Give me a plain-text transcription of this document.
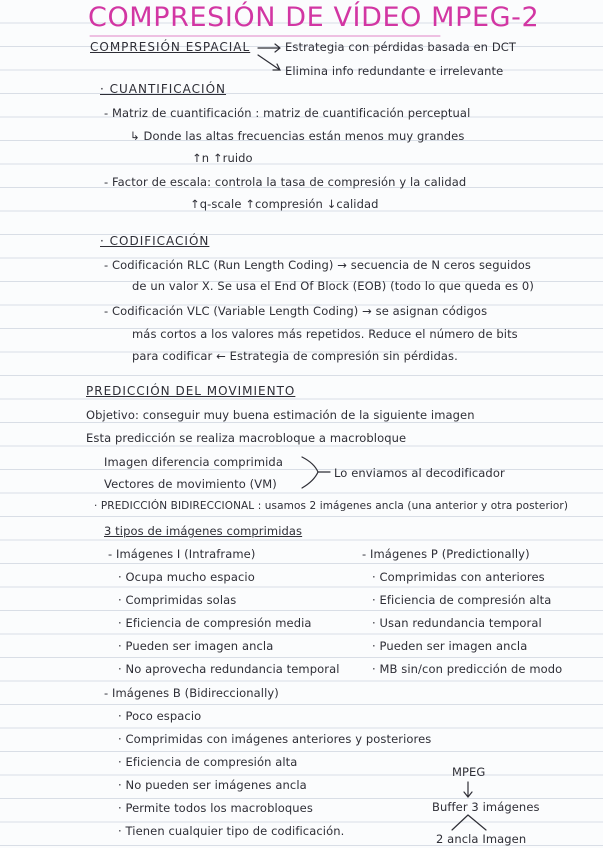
COMPRESIÓN DE VÍDEO MPEG-2
COMPRESIÓN ESPACIAL	Estrategia con pérdidas basada en DCT
Elimina info redundante e irrelevante
· CUANTIFICACIÓN
- Matriz de cuantificación : matriz de cuantificación perceptual
↳ Donde las altas frecuencias están menos muy grandes
↑n ↑ruido
- Factor de escala: controla la tasa de compresión y la calidad
↑q-scale ↑compresión ↓calidad
· CODIFICACIÓN
- Codificación RLC (Run Length Coding) → secuencia de N ceros seguidos
de un valor X. Se usa el End Of Block (EOB) (todo lo que queda es 0)
- Codificación VLC (Variable Length Coding) → se asignan códigos
más cortos a los valores más repetidos. Reduce el número de bits
para codificar ← Estrategia de compresión sin pérdidas.
PREDICCIÓN DEL MOVIMIENTO
Objetivo: conseguir muy buena estimación de la siguiente imagen
Esta predicción se realiza macrobloque a macrobloque
Imagen diferencia comprimida
Vectores de movimiento (VM)
Lo enviamos al decodificador
· PREDICCIÓN BIDIRECCIONAL : usamos 2 imágenes ancla (una anterior y otra posterior)
3 tipos de imágenes comprimidas
- Imágenes I (Intraframe)
· Ocupa mucho espacio
· Comprimidas solas
· Eficiencia de compresión media
· Pueden ser imagen ancla
· No aprovecha redundancia temporal
- Imágenes P (Predictionally)
· Comprimidas con anteriores
· Eficiencia de compresión alta
· Usan redundancia temporal
· Pueden ser imagen ancla
· MB sin/con predicción de modo
- Imágenes B (Bidireccionally)
· Poco espacio
· Comprimidas con imágenes anteriores y posteriores
· Eficiencia de compresión alta
· No pueden ser imágenes ancla
· Permite todos los macrobloques
· Tienen cualquier tipo de codificación.
MPEG
Buffer 3 imágenes
2 ancla Imagen
